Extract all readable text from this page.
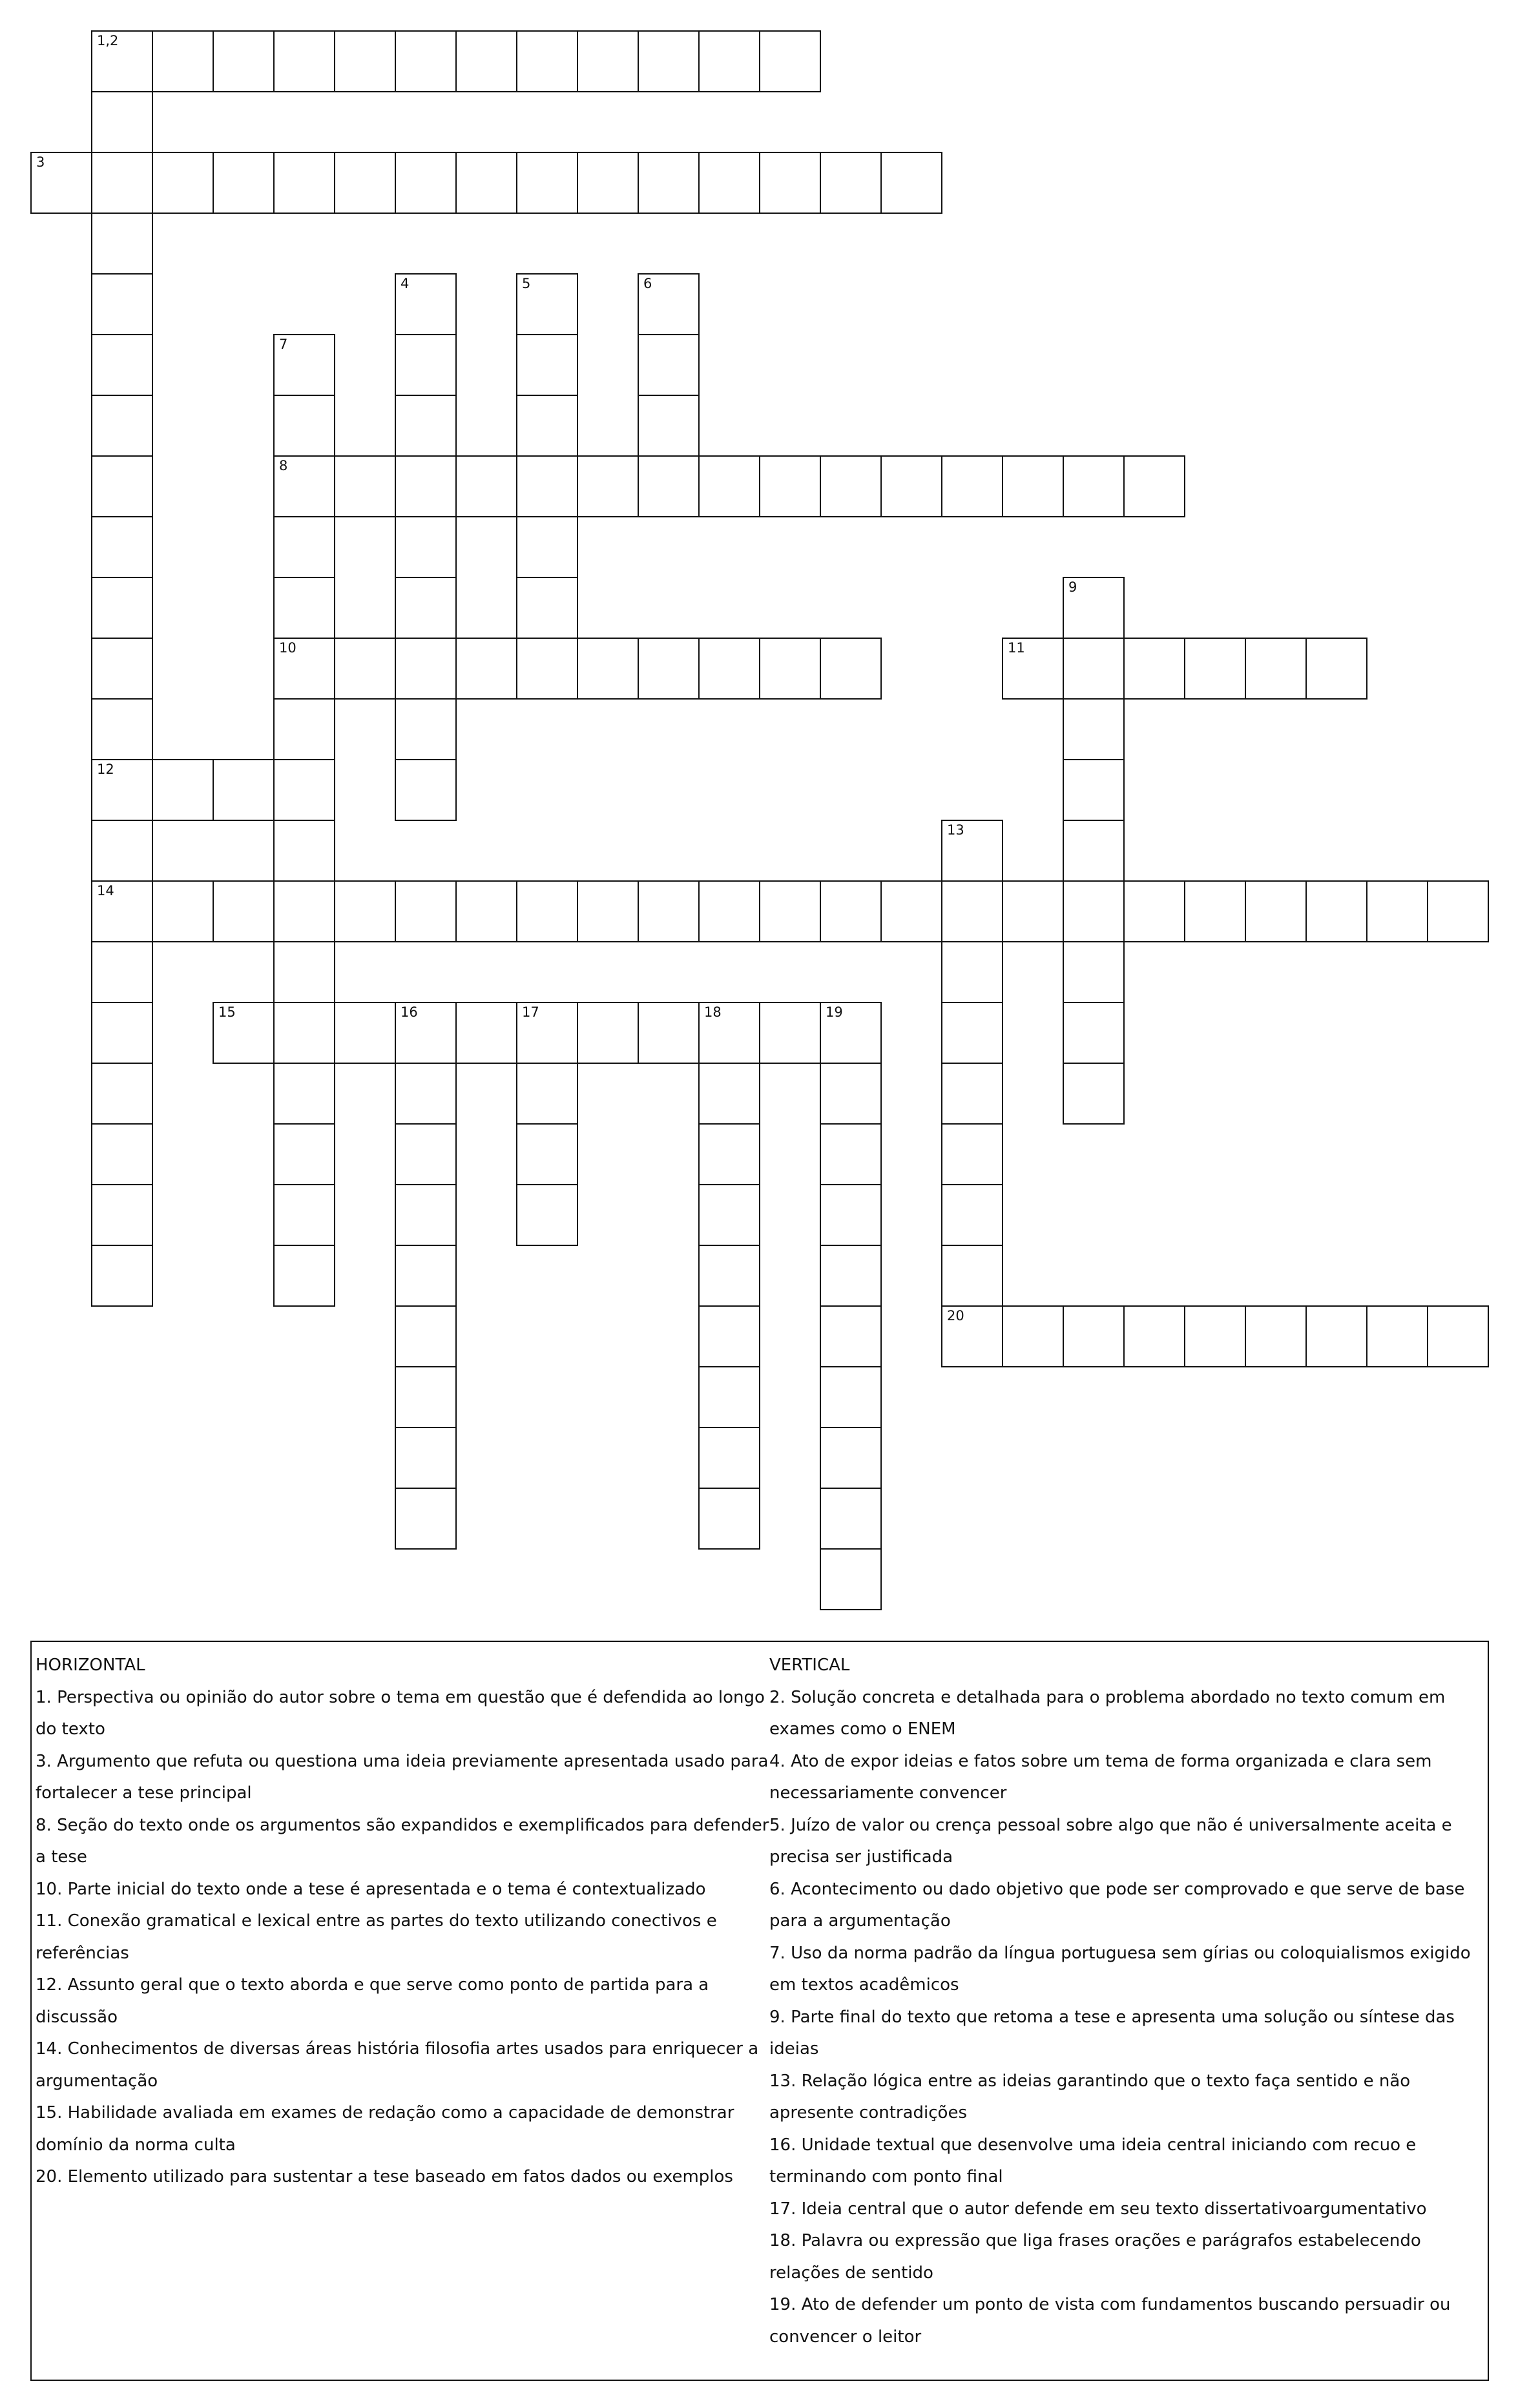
1,2
12
14
3
4	5	6
7
8
10
9
11
13
20
15	16	17	18	19
HORIZONTAL
1. Perspectiva ou opinião do autor sobre o tema em questão que é defendida ao longo do texto
3. Argumento que refuta ou questiona uma ideia previamente apresentada usado para fortalecer a tese principal
8. Seção do texto onde os argumentos são expandidos e exemplificados para defender a tese
10. Parte inicial do texto onde a tese é apresentada e o tema é contextualizado
11. Conexão gramatical e lexical entre as partes do texto utilizando conectivos e referências
12. Assunto geral que o texto aborda e que serve como ponto de partida para a discussão
14. Conhecimentos de diversas áreas história filosofia artes usados para enriquecer a argumentação
15. Habilidade avaliada em exames de redação como a capacidade de demonstrar domínio da norma culta
20. Elemento utilizado para sustentar a tese baseado em fatos dados ou exemplos
VERTICAL
2. Solução concreta e detalhada para o problema abordado no texto comum em exames como o ENEM
4. Ato de expor ideias e fatos sobre um tema de forma organizada e clara sem necessariamente convencer
5. Juízo de valor ou crença pessoal sobre algo que não é universalmente aceita e precisa ser justificada
6. Acontecimento ou dado objetivo que pode ser comprovado e que serve de base para a argumentação
7. Uso da norma padrão da língua portuguesa sem gírias ou coloquialismos exigido em textos acadêmicos
9. Parte final do texto que retoma a tese e apresenta uma solução ou síntese das ideias
13. Relação lógica entre as ideias garantindo que o texto faça sentido e não apresente contradições
16. Unidade textual que desenvolve uma ideia central iniciando com recuo e terminando com ponto final
17. Ideia central que o autor defende em seu texto dissertativoargumentativo
18. Palavra ou expressão que liga frases orações e parágrafos estabelecendo relações de sentido
19. Ato de defender um ponto de vista com fundamentos buscando persuadir ou convencer o leitor
